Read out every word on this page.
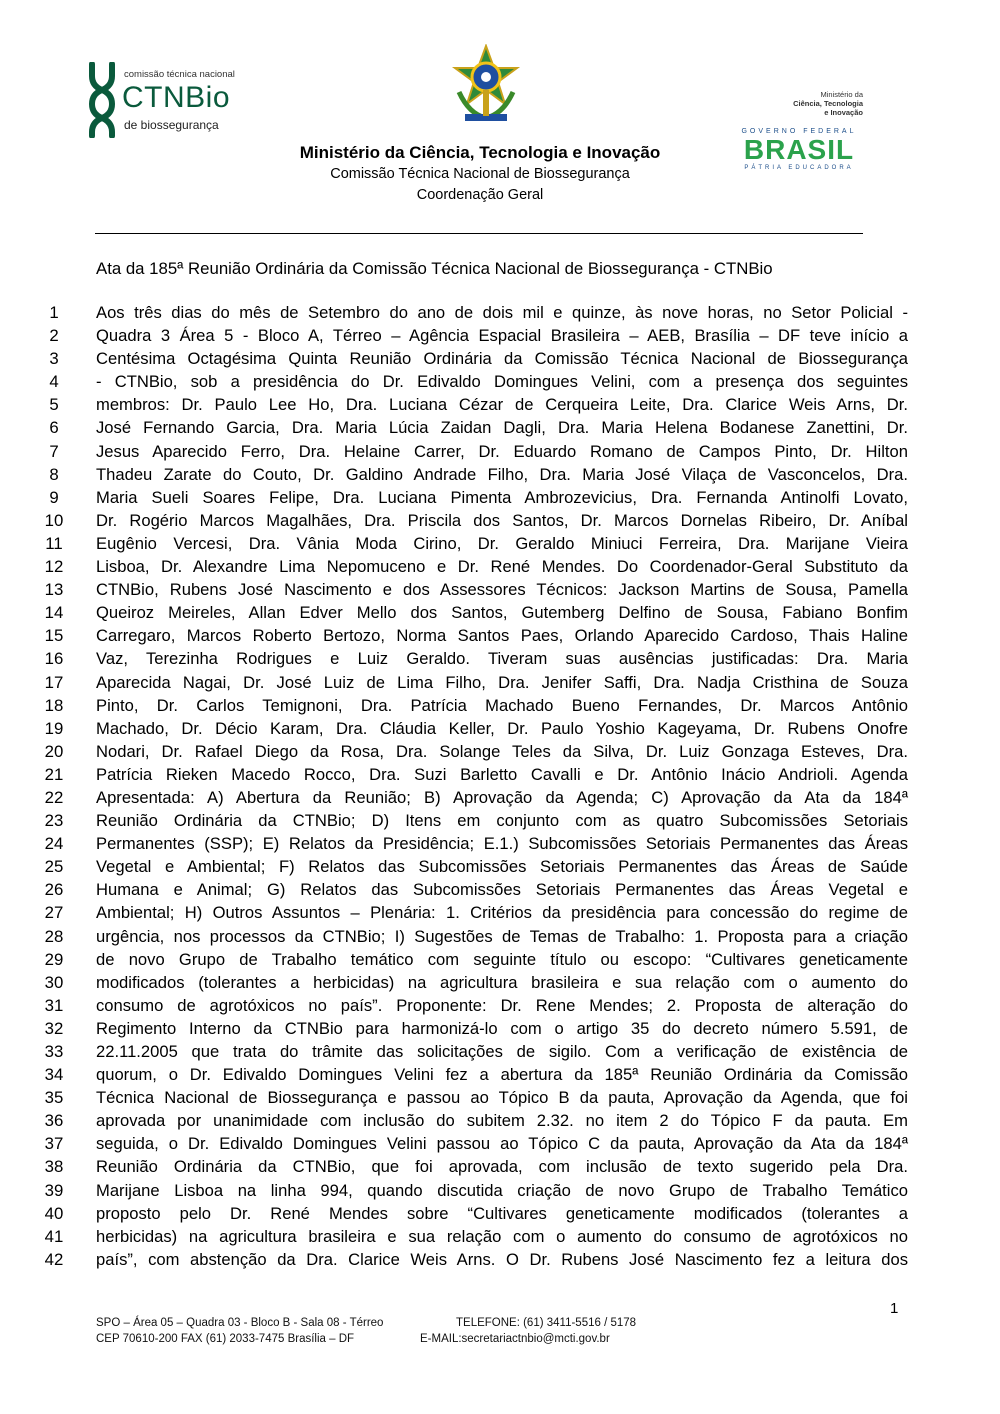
comissão técnica nacional
CTNBio
de biossegurança
Ministério da Ciência, Tecnologia e Inovação
Comissão Técnica Nacional de Biossegurança
Coordenação Geral
Ministério da
Ciência, Tecnologia
e Inovação
GOVERNO FEDERAL
BRASIL
PÁTRIA EDUCADORA
Ata da 185ª Reunião Ordinária da Comissão Técnica Nacional de Biossegurança - CTNBio
1
2
3
4
5
6
7
8
9
10
11
12
13
14
15
16
17
18
19
20
21
22
23
24
25
26
27
28
29
30
31
32
33
34
35
36
37
38
39
40
41
42
Aos três dias do mês de Setembro do ano de dois mil e quinze, às nove horas, no Setor Policial -
Quadra 3 Área 5 - Bloco A, Térreo – Agência Espacial Brasileira – AEB, Brasília – DF teve início a
Centésima Octagésima Quinta Reunião Ordinária da Comissão Técnica Nacional de Biossegurança
- CTNBio, sob a presidência do Dr. Edivaldo Domingues Velini, com a presença dos seguintes
membros: Dr. Paulo Lee Ho, Dra. Luciana Cézar de Cerqueira Leite, Dra. Clarice Weis Arns, Dr.
José Fernando Garcia, Dra. Maria Lúcia Zaidan Dagli, Dra. Maria Helena Bodanese Zanettini, Dr.
Jesus Aparecido Ferro, Dra. Helaine Carrer, Dr. Eduardo Romano de Campos Pinto, Dr. Hilton
Thadeu Zarate do Couto, Dr. Galdino Andrade Filho, Dra. Maria José Vilaça de Vasconcelos, Dra.
Maria Sueli Soares Felipe, Dra. Luciana Pimenta Ambrozevicius, Dra. Fernanda Antinolfi Lovato,
Dr. Rogério Marcos Magalhães, Dra. Priscila dos Santos, Dr. Marcos Dornelas Ribeiro, Dr. Aníbal
Eugênio Vercesi, Dra. Vânia Moda Cirino, Dr. Geraldo Miniuci Ferreira, Dra. Marijane Vieira
Lisboa, Dr. Alexandre Lima Nepomuceno e Dr. René Mendes. Do Coordenador-Geral Substituto da
CTNBio, Rubens José Nascimento e dos Assessores Técnicos: Jackson Martins de Sousa, Pamella
Queiroz Meireles, Allan Edver Mello dos Santos, Gutemberg Delfino de Sousa, Fabiano Bonfim
Carregaro, Marcos Roberto Bertozo, Norma Santos Paes, Orlando Aparecido Cardoso, Thais Haline
Vaz, Terezinha Rodrigues e Luiz Geraldo. Tiveram suas ausências justificadas: Dra. Maria
Aparecida Nagai, Dr. José Luiz de Lima Filho, Dra. Jenifer Saffi, Dra. Nadja Cristhina de Souza
Pinto, Dr. Carlos Temignoni, Dra. Patrícia Machado Bueno Fernandes, Dr. Marcos Antônio
Machado, Dr. Décio Karam, Dra. Cláudia Keller, Dr. Paulo Yoshio Kageyama, Dr. Rubens Onofre
Nodari, Dr. Rafael Diego da Rosa, Dra. Solange Teles da Silva, Dr. Luiz Gonzaga Esteves, Dra.
Patrícia Rieken Macedo Rocco, Dra. Suzi Barletto Cavalli e Dr. Antônio Inácio Andrioli. Agenda
Apresentada: A) Abertura da Reunião; B) Aprovação da Agenda; C) Aprovação da Ata da 184ª
Reunião Ordinária da CTNBio; D) Itens em conjunto com as quatro Subcomissões Setoriais
Permanentes (SSP); E) Relatos da Presidência; E.1.) Subcomissões Setoriais Permanentes das Áreas
Vegetal e Ambiental; F) Relatos das Subcomissões Setoriais Permanentes das Áreas de Saúde
Humana e Animal; G) Relatos das Subcomissões Setoriais Permanentes das Áreas Vegetal e
Ambiental; H) Outros Assuntos – Plenária: 1. Critérios da presidência para concessão do regime de
urgência, nos processos da CTNBio; I) Sugestões de Temas de Trabalho: 1. Proposta para a criação
de novo Grupo de Trabalho temático com seguinte título ou escopo: “Cultivares geneticamente
modificados (tolerantes a herbicidas) na agricultura brasileira e sua relação com o aumento do
consumo de agrotóxicos no país”. Proponente: Dr. Rene Mendes; 2. Proposta de alteração do
Regimento Interno da CTNBio para harmonizá-lo com o artigo 35 do decreto número 5.591, de
22.11.2005 que trata do trâmite das solicitações de sigilo. Com a verificação de existência de
quorum, o Dr. Edivaldo Domingues Velini fez a abertura da 185ª Reunião Ordinária da Comissão
Técnica Nacional de Biossegurança e passou ao Tópico B da pauta, Aprovação da Agenda, que foi
aprovada por unanimidade com inclusão do subitem 2.32. no item 2 do Tópico F da pauta. Em
seguida, o Dr. Edivaldo Domingues Velini passou ao Tópico C da pauta, Aprovação da Ata da 184ª
Reunião Ordinária da CTNBio, que foi aprovada, com inclusão de texto sugerido pela Dra.
Marijane Lisboa na linha 994, quando discutida criação de novo Grupo de Trabalho Temático
proposto pelo Dr. René Mendes sobre “Cultivares geneticamente modificados (tolerantes a
herbicidas) na agricultura brasileira e sua relação com o aumento do consumo de agrotóxicos no
país”, com abstenção da Dra. Clarice Weis Arns. O Dr. Rubens José Nascimento fez a leitura dos
SPO – Área 05 – Quadra 03 - Bloco B - Sala 08 - Térreo
CEP 70610-200 FAX (61) 2033-7475 Brasília – DF
TELEFONE: (61) 3411-5516 / 5178
E-MAIL:secretariactnbio@mcti.gov.br
1
